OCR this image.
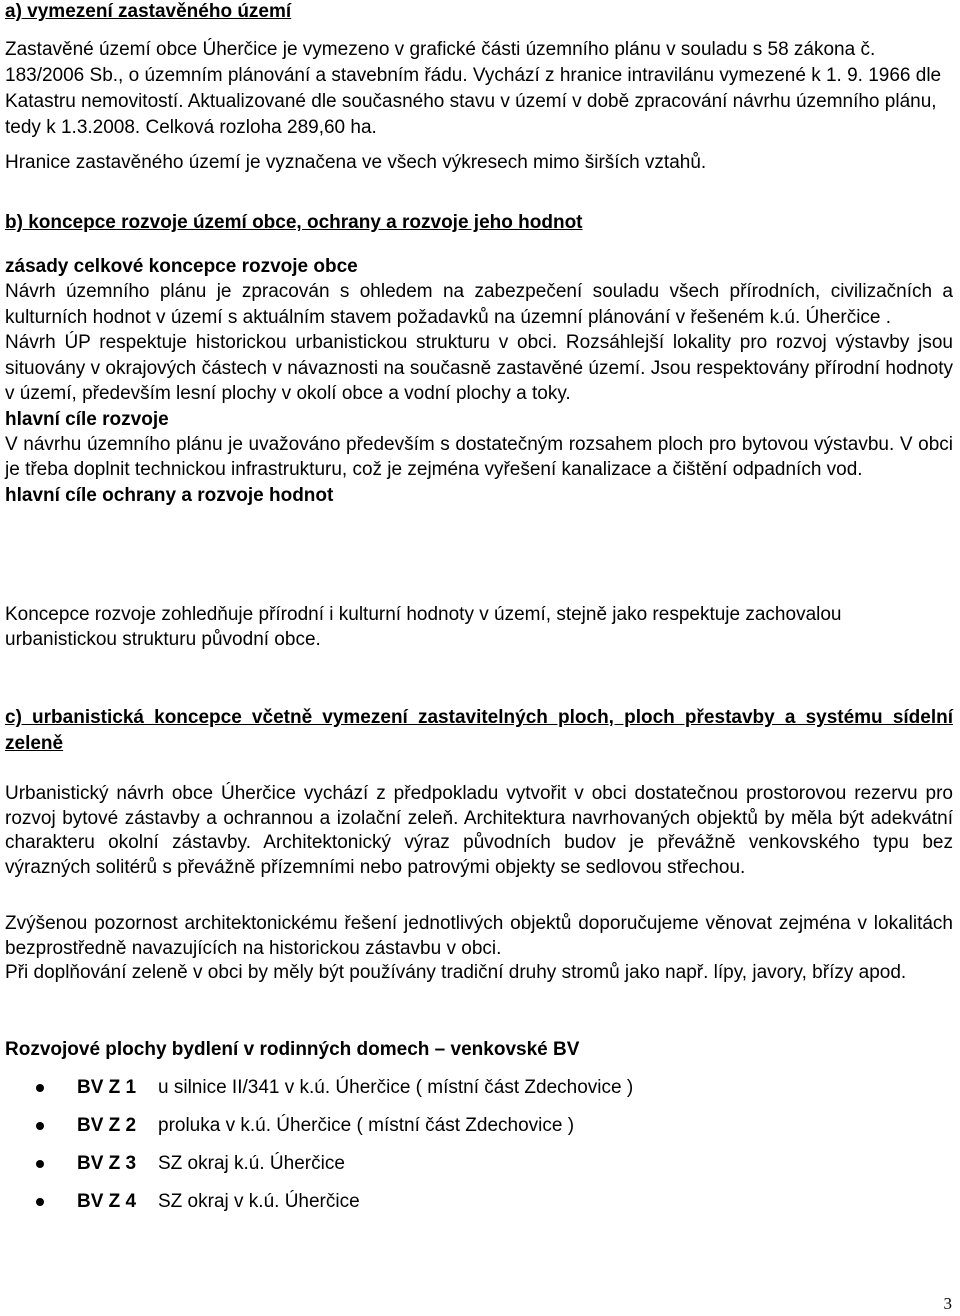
a) vymezení zastavěného území

Zastavěné území obce Úherčice je vymezeno v grafické části územního plánu v souladu s 58 zákona č. 183/2006 Sb., o územním plánování a stavebním řádu. Vychází z hranice intravilánu vymezené k 1. 9. 1966 dle Katastru nemovitostí. Aktualizované dle současného stavu v území v době zpracování návrhu územního plánu, tedy k 1.3.2008. Celková rozloha 289,60 ha.

Hranice zastavěného území je vyznačena ve všech výkresech mimo širších vztahů.

b) koncepce rozvoje území obce, ochrany a rozvoje jeho hodnot

zásady celkové koncepce rozvoje obce

Návrh územního plánu je zpracován s ohledem na zabezpečení souladu všech přírodních, civilizačních a kulturních hodnot v území s aktuálním stavem požadavků na územní plánování v řešeném k.ú. Úherčice .

Návrh ÚP respektuje historickou urbanistickou strukturu v obci. Rozsáhlejší lokality pro rozvoj výstavby jsou situovány v okrajových částech v návaznosti na současně zastavěné území. Jsou respektovány přírodní hodnoty v území, především lesní plochy v okolí obce a vodní plochy a toky.

hlavní cíle rozvoje

V návrhu územního plánu je uvažováno především s dostatečným rozsahem ploch pro bytovou výstavbu. V obci je třeba doplnit technickou infrastrukturu, což je zejména vyřešení kanalizace a čištění odpadních vod.

hlavní cíle ochrany a rozvoje hodnot

Koncepce rozvoje zohledňuje přírodní i kulturní hodnoty v území, stejně jako respektuje zachovalou urbanistickou strukturu původní obce.

c) urbanistická koncepce včetně vymezení zastavitelných ploch, ploch přestavby a systému sídelní zeleně

Urbanistický návrh obce Úherčice vychází z předpokladu vytvořit v obci dostatečnou prostorovou rezervu pro rozvoj bytové zástavby a ochrannou a izolační zeleň. Architektura navrhovaných objektů by měla být adekvátní charakteru okolní zástavby. Architektonický výraz původních budov je převážně venkovského typu bez výrazných solitérů s převážně přízemními nebo patrovými objekty se sedlovou střechou.

Zvýšenou pozornost architektonickému řešení jednotlivých objektů doporučujeme věnovat zejména v lokalitách bezprostředně navazujících na historickou zástavbu v obci.

Při doplňování zeleně v obci by měly být používány tradiční druhy stromů jako např. lípy, javory, břízy apod.

Rozvojové plochy bydlení v rodinných domech – venkovské BV

BV Z 1 u silnice II/341 v k.ú. Úherčice ( místní část Zdechovice )
BV Z 2 proluka v k.ú. Úherčice ( místní část Zdechovice )
BV Z 3 SZ okraj k.ú. Úherčice
BV Z 4 SZ okraj v k.ú. Úherčice
3
